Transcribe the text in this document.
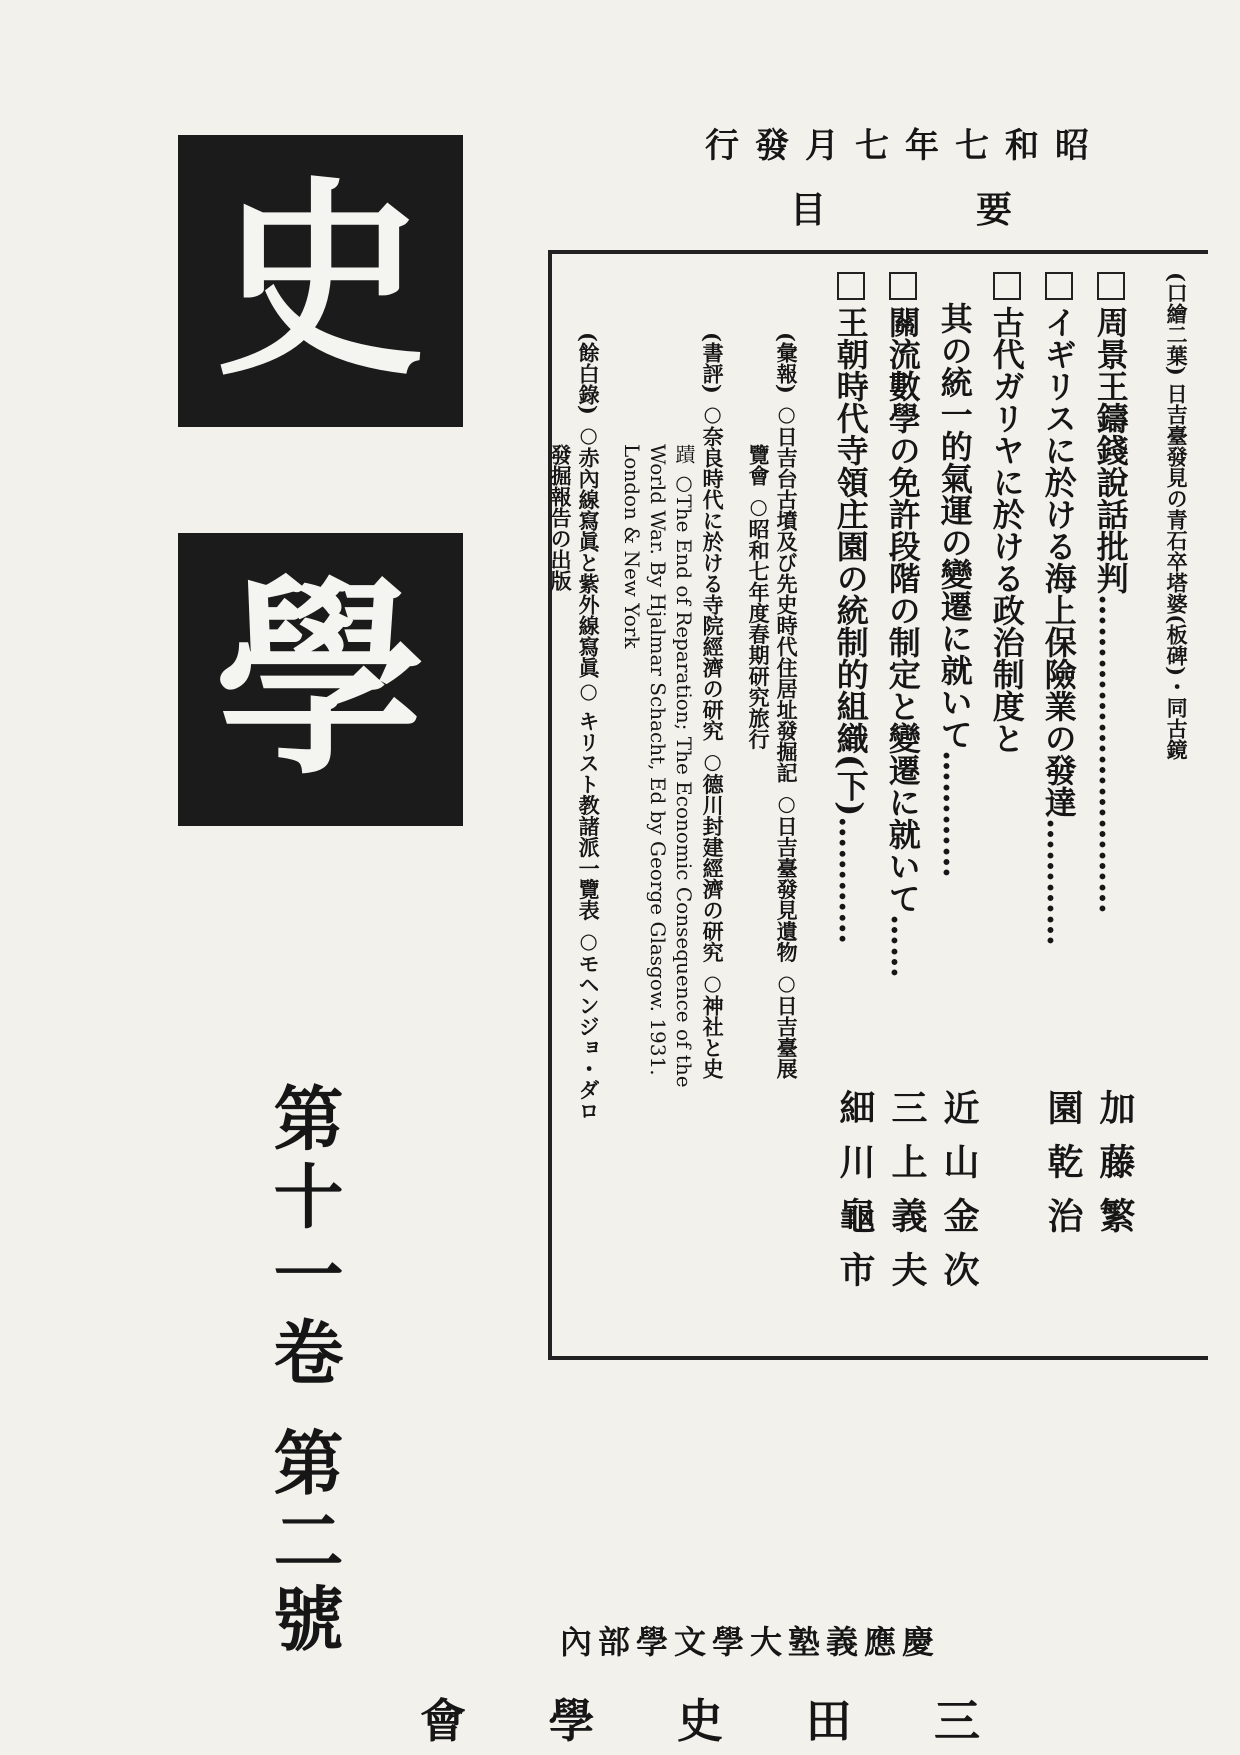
史
學
第十一卷 第二號
昭和七年七月發行
目	要
(口繪二葉) 日吉臺發見の青石卒塔婆(板碑)・同古鏡
周景王鑄錢說話批判…………………………
加藤繁
イギリスに於ける海上保險業の發達…………
園乾治
古代ガリヤに於ける政治制度と
其の統一的氣運の變遷に就いて…………
近山金次
關流數學の免許段階の制定と變遷に就いて……
三上義夫
王朝時代寺領庄園の統制的組織(下)…………
細川龜市
(彙報) ○日吉台古墳及び先史時代住居址發掘記 ○日吉臺發見遺物 ○日吉臺展
覽會 ○昭和七年度春期研究旅行
(書評) ○奈良時代に於ける寺院經濟の研究 ○德川封建經濟の研究 ○神社と史
蹟 ○The End of Reparation; The Economic Consequence of the
World War. By Hjalmar Schacht, Ed by George Glasgow. 1931.
London & New York
(餘白錄) ○赤內線寫眞と紫外線寫眞○ キリスト教諸派一覽表 ○モヘンジョ・ダロ
發掘報告の出版
慶應義塾大學文學部內
三
田
史
學
會
